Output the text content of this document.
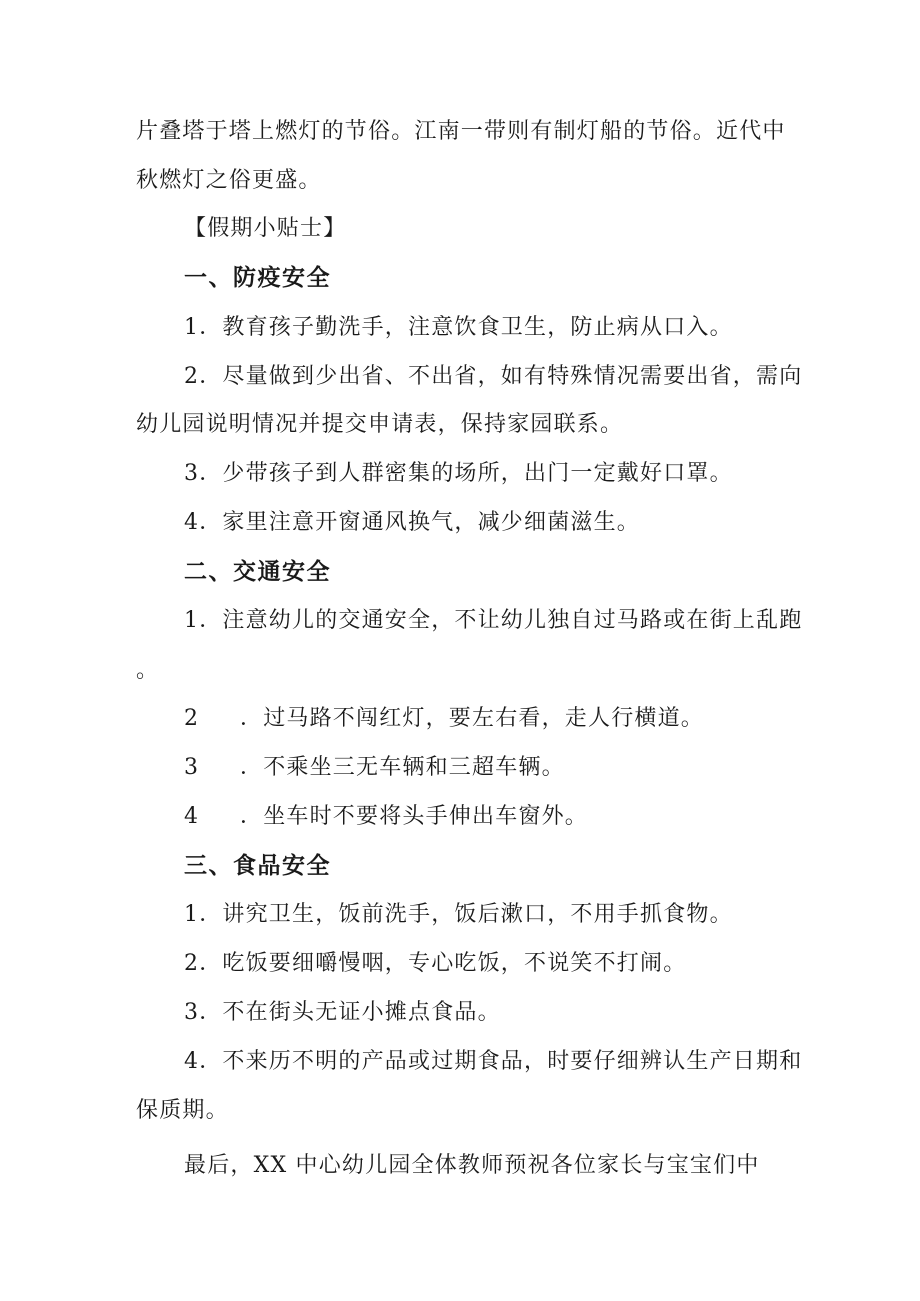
片叠塔于塔上燃灯的节俗。江南一带则有制灯船的节俗。近代中
秋燃灯之俗更盛。
【假期小贴士】
一、防疫安全
1．教育孩子勤洗手，注意饮食卫生，防止病从口入。
2．尽量做到少出省、不出省，如有特殊情况需要出省，需向
幼儿园说明情况并提交申请表，保持家园联系。
3．少带孩子到人群密集的场所，出门一定戴好口罩。
4．家里注意开窗通风换气，减少细菌滋生。
二、交通安全
1．注意幼儿的交通安全，不让幼儿独自过马路或在街上乱跑
。
2 ．过马路不闯红灯，要左右看，走人行横道。
3 ．不乘坐三无车辆和三超车辆。
4 ．坐车时不要将头手伸出车窗外。
三、食品安全
1．讲究卫生，饭前洗手，饭后漱口，不用手抓食物。
2．吃饭要细嚼慢咽，专心吃饭，不说笑不打闹。
3．不在街头无证小摊点食品。
4．不来历不明的产品或过期食品，时要仔细辨认生产日期和
保质期。
最后，XX 中心幼儿园全体教师预祝各位家长与宝宝们中
